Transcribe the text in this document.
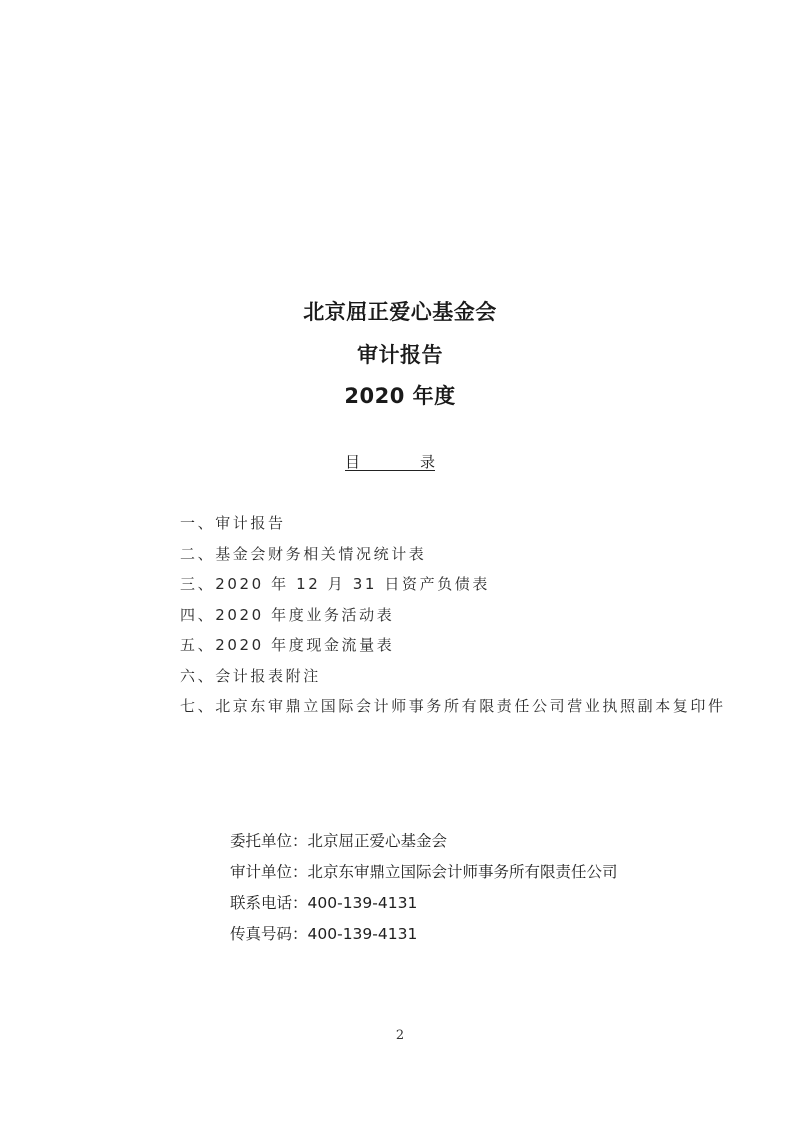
北京屈正爱心基金会
审计报告
2020 年度
目	录
一、审计报告
二、基金会财务相关情况统计表
三、2020 年 12 月 31 日资产负债表
四、2020 年度业务活动表
五、2020 年度现金流量表
六、会计报表附注
七、北京东审鼎立国际会计师事务所有限责任公司营业执照副本复印件
委托单位：北京屈正爱心基金会
审计单位：北京东审鼎立国际会计师事务所有限责任公司
联系电话：400-139-4131
传真号码：400-139-4131
2
